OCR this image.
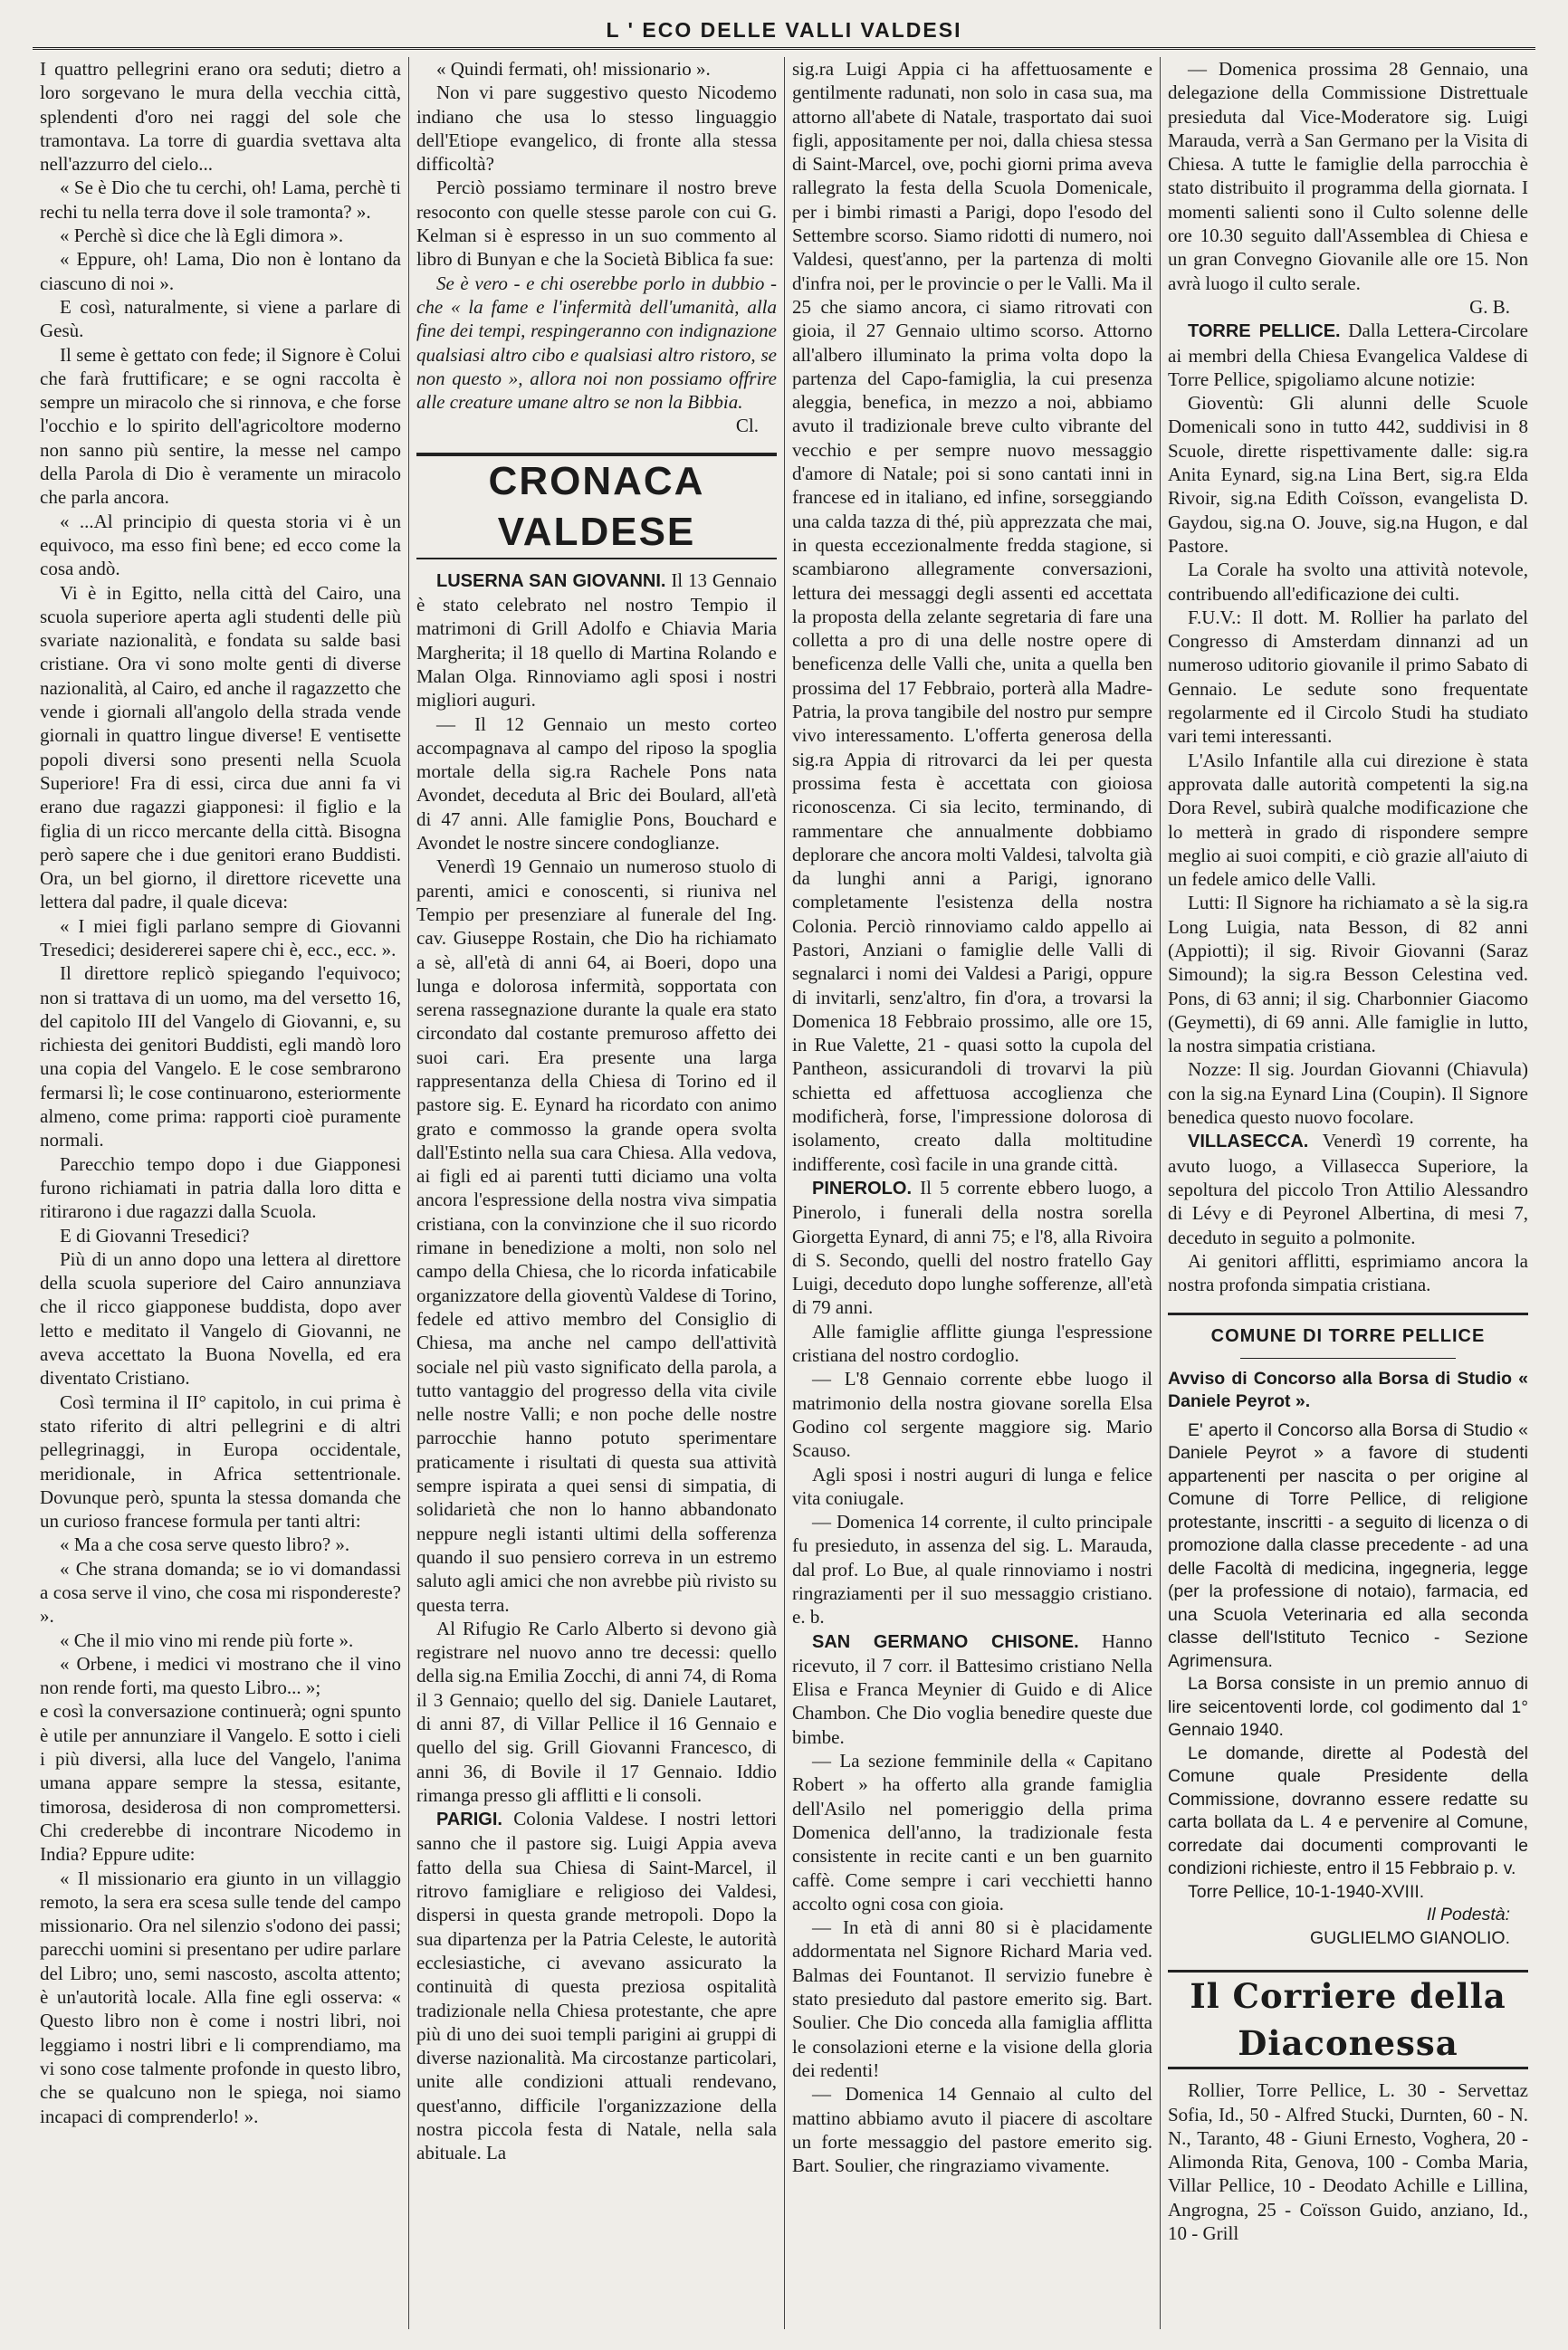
L ' ECO DELLE VALLI VALDESI

I quattro pellegrini erano ora seduti; dietro a loro sorgevano le mura della vecchia città, splendenti d'oro nei raggi del sole che tramontava. La torre di guardia svettava alta nell'azzurro del cielo...

« Se è Dio che tu cerchi, oh! Lama, perchè ti rechi tu nella terra dove il sole tramonta? ».

« Perchè sì dice che là Egli dimora ».

« Eppure, oh! Lama, Dio non è lontano da ciascuno di noi ».

E così, naturalmente, si viene a parlare di Gesù.

Il seme è gettato con fede; il Signore è Colui che farà fruttificare; e se ogni raccolta è sempre un miracolo che si rinnova, e che forse l'occhio e lo spirito dell'agricoltore moderno non sanno più sentire, la messe nel campo della Parola di Dio è veramente un miracolo che parla ancora.

« ...Al principio di questa storia vi è un equivoco, ma esso finì bene; ed ecco come la cosa andò.

Vi è in Egitto, nella città del Cairo, una scuola superiore aperta agli studenti delle più svariate nazionalità, e fondata su salde basi cristiane. Ora vi sono molte genti di diverse nazionalità, al Cairo, ed anche il ragazzetto che vende i giornali all'angolo della strada vende giornali in quattro lingue diverse! E ventisette popoli diversi sono presenti nella Scuola Superiore! Fra di essi, circa due anni fa vi erano due ragazzi giapponesi: il figlio e la figlia di un ricco mercante della città. Bisogna però sapere che i due genitori erano Buddisti. Ora, un bel giorno, il direttore ricevette una lettera dal padre, il quale diceva:

« I miei figli parlano sempre di Giovanni Tresedici; desidererei sapere chi è, ecc., ecc. ».

Il direttore replicò spiegando l'equivoco; non si trattava di un uomo, ma del versetto 16, del capitolo III del Vangelo di Giovanni, e, su richiesta dei genitori Buddisti, egli mandò loro una copia del Vangelo. E le cose sembrarono fermarsi lì; le cose continuarono, esteriormente almeno, come prima: rapporti cioè puramente normali.

Parecchio tempo dopo i due Giapponesi furono richiamati in patria dalla loro ditta e ritirarono i due ragazzi dalla Scuola.

E di Giovanni Tresedici?

Più di un anno dopo una lettera al direttore della scuola superiore del Cairo annunziava che il ricco giapponese buddista, dopo aver letto e meditato il Vangelo di Giovanni, ne aveva accettato la Buona Novella, ed era diventato Cristiano.

Così termina il II° capitolo, in cui prima è stato riferito di altri pellegrini e di altri pellegrinaggi, in Europa occidentale, meridionale, in Africa settentrionale. Dovunque però, spunta la stessa domanda che un curioso francese formula per tanti altri:

« Ma a che cosa serve questo libro? ».

« Che strana domanda; se io vi domandassi a cosa serve il vino, che cosa mi rispondereste? ».

« Che il mio vino mi rende più forte ».

« Orbene, i medici vi mostrano che il vino non rende forti, ma questo Libro... »;

e così la conversazione continuerà; ogni spunto è utile per annunziare il Vangelo. E sotto i cieli i più diversi, alla luce del Vangelo, l'anima umana appare sempre la stessa, esitante, timorosa, desiderosa di non compromettersi. Chi crederebbe di incontrare Nicodemo in India? Eppure udite:

« Il missionario era giunto in un villaggio remoto, la sera era scesa sulle tende del campo missionario. Ora nel silenzio s'odono dei passi; parecchi uomini si presentano per udire parlare del Libro; uno, semi nascosto, ascolta attento; è un'autorità locale. Alla fine egli osserva: « Questo libro non è come i nostri libri, noi leggiamo i nostri libri e li comprendiamo, ma vi sono cose talmente profonde in questo libro, che se qualcuno non le spiega, noi siamo incapaci di comprenderlo! ».

« Quindi fermati, oh! missionario ».

Non vi pare suggestivo questo Nicodemo indiano che usa lo stesso linguaggio dell'Etiope evangelico, di fronte alla stessa difficoltà?

Perciò possiamo terminare il nostro breve resoconto con quelle stesse parole con cui G. Kelman si è espresso in un suo commento al libro di Bunyan e che la Società Biblica fa sue:

Se è vero - e chi oserebbe porlo in dubbio - che « la fame e l'infermità dell'umanità, alla fine dei tempi, respingeranno con indignazione qualsiasi altro cibo e qualsiasi altro ristoro, se non questo », allora noi non possiamo offrire alle creature umane altro se non la Bibbia.

Cl.

CRONACA VALDESE

LUSERNA SAN GIOVANNI. Il 13 Gennaio è stato celebrato nel nostro Tempio il matrimoni di Grill Adolfo e Chiavia Maria Margherita; il 18 quello di Martina Rolando e Malan Olga. Rinnoviamo agli sposi i nostri migliori auguri.

— Il 12 Gennaio un mesto corteo accompagnava al campo del riposo la spoglia mortale della sig.ra Rachele Pons nata Avondet, deceduta al Bric dei Boulard, all'età di 47 anni. Alle famiglie Pons, Bouchard e Avondet le nostre sincere condoglianze.

Venerdì 19 Gennaio un numeroso stuolo di parenti, amici e conoscenti, si riuniva nel Tempio per presenziare al funerale del Ing. cav. Giuseppe Rostain, che Dio ha richiamato a sè, all'età di anni 64, ai Boeri, dopo una lunga e dolorosa infermità, sopportata con serena rassegnazione durante la quale era stato circondato dal costante premuroso affetto dei suoi cari. Era presente una larga rappresentanza della Chiesa di Torino ed il pastore sig. E. Eynard ha ricordato con animo grato e commosso la grande opera svolta dall'Estinto nella sua cara Chiesa. Alla vedova, ai figli ed ai parenti tutti diciamo una volta ancora l'espressione della nostra viva simpatia cristiana, con la convinzione che il suo ricordo rimane in benedizione a molti, non solo nel campo della Chiesa, che lo ricorda infaticabile organizzatore della gioventù Valdese di Torino, fedele ed attivo membro del Consiglio di Chiesa, ma anche nel campo dell'attività sociale nel più vasto significato della parola, a tutto vantaggio del progresso della vita civile nelle nostre Valli; e non poche delle nostre parrocchie hanno potuto sperimentare praticamente i risultati di questa sua attività sempre ispirata a quei sensi di simpatia, di solidarietà che non lo hanno abbandonato neppure negli istanti ultimi della sofferenza quando il suo pensiero correva in un estremo saluto agli amici che non avrebbe più rivisto su questa terra.

Al Rifugio Re Carlo Alberto si devono già registrare nel nuovo anno tre decessi: quello della sig.na Emilia Zocchi, di anni 74, di Roma il 3 Gennaio; quello del sig. Daniele Lautaret, di anni 87, di Villar Pellice il 16 Gennaio e quello del sig. Grill Giovanni Francesco, di anni 36, di Bovile il 17 Gennaio. Iddio rimanga presso gli afflitti e li consoli.

PARIGI. Colonia Valdese. I nostri lettori sanno che il pastore sig. Luigi Appia aveva fatto della sua Chiesa di Saint-Marcel, il ritrovo famigliare e religioso dei Valdesi, dispersi in questa grande metropoli. Dopo la sua dipartenza per la Patria Celeste, le autorità ecclesiastiche, ci avevano assicurato la continuità di questa preziosa ospitalità tradizionale nella Chiesa protestante, che apre più di uno dei suoi templi parigini ai gruppi di diverse nazionalità. Ma circostanze particolari, unite alle condizioni attuali rendevano, quest'anno, difficile l'organizzazione della nostra piccola festa di Natale, nella sala abituale. La

sig.ra Luigi Appia ci ha affettuosamente e gentilmente radunati, non solo in casa sua, ma attorno all'abete di Natale, trasportato dai suoi figli, appositamente per noi, dalla chiesa stessa di Saint-Marcel, ove, pochi giorni prima aveva rallegrato la festa della Scuola Domenicale, per i bimbi rimasti a Parigi, dopo l'esodo del Settembre scorso. Siamo ridotti di numero, noi Valdesi, quest'anno, per la partenza di molti d'infra noi, per le provincie o per le Valli. Ma il 25 che siamo ancora, ci siamo ritrovati con gioia, il 27 Gennaio ultimo scorso. Attorno all'albero illuminato la prima volta dopo la partenza del Capo-famiglia, la cui presenza aleggia, benefica, in mezzo a noi, abbiamo avuto il tradizionale breve culto vibrante del vecchio e per sempre nuovo messaggio d'amore di Natale; poi si sono cantati inni in francese ed in italiano, ed infine, sorseggiando una calda tazza di thé, più apprezzata che mai, in questa eccezionalmente fredda stagione, si scambiarono allegramente conversazioni, lettura dei messaggi degli assenti ed accettata la proposta della zelante segretaria di fare una colletta a pro di una delle nostre opere di beneficenza delle Valli che, unita a quella ben prossima del 17 Febbraio, porterà alla Madre-Patria, la prova tangibile del nostro pur sempre vivo interessamento. L'offerta generosa della sig.ra Appia di ritrovarci da lei per questa prossima festa è accettata con gioiosa riconoscenza. Ci sia lecito, terminando, di rammentare che annualmente dobbiamo deplorare che ancora molti Valdesi, talvolta già da lunghi anni a Parigi, ignorano completamente l'esistenza della nostra Colonia. Perciò rinnoviamo caldo appello ai Pastori, Anziani o famiglie delle Valli di segnalarci i nomi dei Valdesi a Parigi, oppure di invitarli, senz'altro, fin d'ora, a trovarsi la Domenica 18 Febbraio prossimo, alle ore 15, in Rue Valette, 21 - quasi sotto la cupola del Pantheon, assicurandoli di trovarvi la più schietta ed affettuosa accoglienza che modificherà, forse, l'impressione dolorosa di isolamento, creato dalla moltitudine indifferente, così facile in una grande città.

PINEROLO. Il 5 corrente ebbero luogo, a Pinerolo, i funerali della nostra sorella Giorgetta Eynard, di anni 75; e l'8, alla Rivoira di S. Secondo, quelli del nostro fratello Gay Luigi, deceduto dopo lunghe sofferenze, all'età di 79 anni.

Alle famiglie afflitte giunga l'espressione cristiana del nostro cordoglio.

— L'8 Gennaio corrente ebbe luogo il matrimonio della nostra giovane sorella Elsa Godino col sergente maggiore sig. Mario Scauso.

Agli sposi i nostri auguri di lunga e felice vita coniugale.

— Domenica 14 corrente, il culto principale fu presieduto, in assenza del sig. L. Marauda, dal prof. Lo Bue, al quale rinnoviamo i nostri ringraziamenti per il suo messaggio cristiano. e. b.

SAN GERMANO CHISONE. Hanno ricevuto, il 7 corr. il Battesimo cristiano Nella Elisa e Franca Meynier di Guido e di Alice Chambon. Che Dio voglia benedire queste due bimbe.

— La sezione femminile della « Capitano Robert » ha offerto alla grande famiglia dell'Asilo nel pomeriggio della prima Domenica dell'anno, la tradizionale festa consistente in recite canti e un ben guarnito caffè. Come sempre i cari vecchietti hanno accolto ogni cosa con gioia.

— In età di anni 80 si è placidamente addormentata nel Signore Richard Maria ved. Balmas dei Fountanot. Il servizio funebre è stato presieduto dal pastore emerito sig. Bart. Soulier. Che Dio conceda alla famiglia afflitta le consolazioni eterne e la visione della gloria dei redenti!

— Domenica 14 Gennaio al culto del mattino abbiamo avuto il piacere di ascoltare un forte messaggio del pastore emerito sig. Bart. Soulier, che ringraziamo vivamente.

— Domenica prossima 28 Gennaio, una delegazione della Commissione Distrettuale presieduta dal Vice-Moderatore sig. Luigi Marauda, verrà a San Germano per la Visita di Chiesa. A tutte le famiglie della parrocchia è stato distribuito il programma della giornata. I momenti salienti sono il Culto solenne delle ore 10.30 seguito dall'Assemblea di Chiesa e un gran Convegno Giovanile alle ore 15. Non avrà luogo il culto serale.

G. B.

TORRE PELLICE. Dalla Lettera-Circolare ai membri della Chiesa Evangelica Valdese di Torre Pellice, spigoliamo alcune notizie:

Gioventù: Gli alunni delle Scuole Domenicali sono in tutto 442, suddivisi in 8 Scuole, dirette rispettivamente dalle: sig.ra Anita Eynard, sig.na Lina Bert, sig.ra Elda Rivoir, sig.na Edith Coïsson, evangelista D. Gaydou, sig.na O. Jouve, sig.na Hugon, e dal Pastore.

La Corale ha svolto una attività notevole, contribuendo all'edificazione dei culti.

F.U.V.: Il dott. M. Rollier ha parlato del Congresso di Amsterdam dinnanzi ad un numeroso uditorio giovanile il primo Sabato di Gennaio. Le sedute sono frequentate regolarmente ed il Circolo Studi ha studiato vari temi interessanti.

L'Asilo Infantile alla cui direzione è stata approvata dalle autorità competenti la sig.na Dora Revel, subirà qualche modificazione che lo metterà in grado di rispondere sempre meglio ai suoi compiti, e ciò grazie all'aiuto di un fedele amico delle Valli.

Lutti: Il Signore ha richiamato a sè la sig.ra Long Luigia, nata Besson, di 82 anni (Appiotti); il sig. Rivoir Giovanni (Saraz Simound); la sig.ra Besson Celestina ved. Pons, di 63 anni; il sig. Charbonnier Giacomo (Geymetti), di 69 anni. Alle famiglie in lutto, la nostra simpatia cristiana.

Nozze: Il sig. Jourdan Giovanni (Chiavula) con la sig.na Eynard Lina (Coupin). Il Signore benedica questo nuovo focolare.

VILLASECCA. Venerdì 19 corrente, ha avuto luogo, a Villasecca Superiore, la sepoltura del piccolo Tron Attilio Alessandro di Lévy e di Peyronel Albertina, di mesi 7, deceduto in seguito a polmonite.

Ai genitori afflitti, esprimiamo ancora la nostra profonda simpatia cristiana.

COMUNE DI TORRE PELLICE

Avviso di Concorso alla Borsa di Studio « Daniele Peyrot ».

E' aperto il Concorso alla Borsa di Studio « Daniele Peyrot » a favore di studenti appartenenti per nascita o per origine al Comune di Torre Pellice, di religione protestante, inscritti - a seguito di licenza o di promozione dalla classe precedente - ad una delle Facoltà di medicina, ingegneria, legge (per la professione di notaio), farmacia, ed una Scuola Veterinaria ed alla seconda classe dell'Istituto Tecnico - Sezione Agrimensura.

La Borsa consiste in un premio annuo di lire seicentoventi lorde, col godimento dal 1° Gennaio 1940.

Le domande, dirette al Podestà del Comune quale Presidente della Commissione, dovranno essere redatte su carta bollata da L. 4 e pervenire al Comune, corredate dai documenti comprovanti le condizioni richieste, entro il 15 Febbraio p. v.

Torre Pellice, 10-1-1940-XVIII.

Il Podestà:

GUGLIELMO GIANOLIO.

Il Corriere della Diaconessa

Rollier, Torre Pellice, L. 30 - Servettaz Sofia, Id., 50 - Alfred Stucki, Durnten, 60 - N. N., Taranto, 48 - Giuni Ernesto, Voghera, 20 - Alimonda Rita, Genova, 100 - Comba Maria, Villar Pellice, 10 - Deodato Achille e Lillina, Angrogna, 25 - Coïsson Guido, anziano, Id., 10 - Grill
